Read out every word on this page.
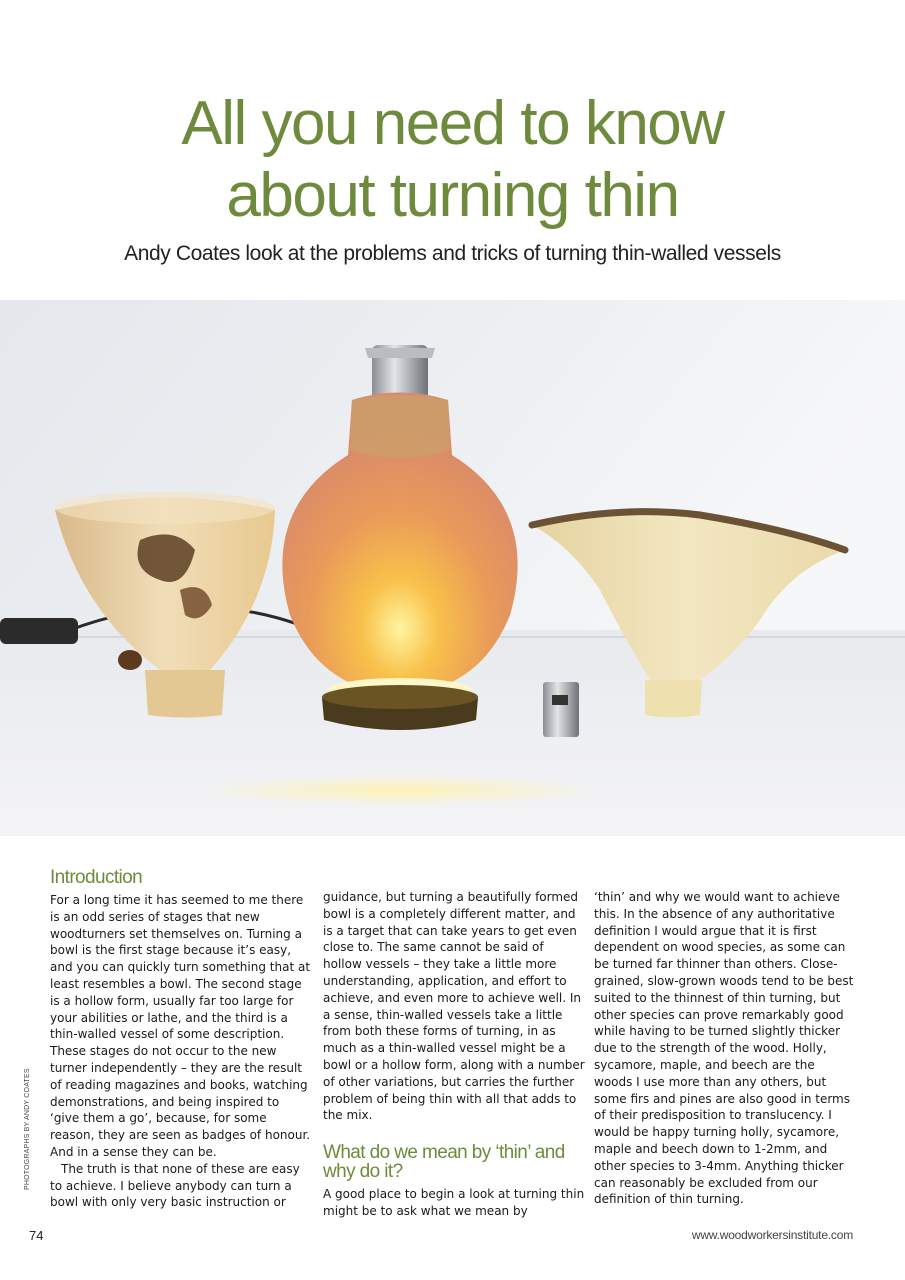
All you need to know
about turning thin

Andy Coates look at the problems and tricks of turning thin-walled vessels

PHOTOGRAPHS BY ANDY COATES
Introduction

For a long time it has seemed to me there is an odd series of stages that new woodturners set themselves on. Turning a bowl is the first stage because it’s easy, and you can quickly turn something that at least resembles a bowl. The second stage is a hollow form, usually far too large for your abilities or lathe, and the third is a thin-walled vessel of some description. These stages do not occur to the new turner independently – they are the result of reading magazines and books, watching demonstrations, and being inspired to ‘give them a go’, because, for some reason, they are seen as badges of honour. And in a sense they can be.

The truth is that none of these are easy to achieve. I believe anybody can turn a bowl with only very basic instruction or

guidance, but turning a beautifully formed bowl is a completely different matter, and is a target that can take years to get even close to. The same cannot be said of hollow vessels – they take a little more understanding, application, and effort to achieve, and even more to achieve well. In a sense, thin-walled vessels take a little from both these forms of turning, in as much as a thin-walled vessel might be a bowl or a hollow form, along with a number of other variations, but carries the further problem of being thin with all that adds to the mix.

What do we mean by ‘thin’ and why do it?

A good place to begin a look at turning thin might be to ask what we mean by

‘thin’ and why we would want to achieve this. In the absence of any authoritative definition I would argue that it is first dependent on wood species, as some can be turned far thinner than others. Close-grained, slow-grown woods tend to be best suited to the thinnest of thin turning, but other species can prove remarkably good while having to be turned slightly thicker due to the strength of the wood. Holly, sycamore, maple, and beech are the woods I use more than any others, but some firs and pines are also good in terms of their predisposition to translucency. I would be happy turning holly, sycamore, maple and beech down to 1-2mm, and other species to 3-4mm. Anything thicker can reasonably be excluded from our definition of thin turning.

74	www.woodworkersinstitute.com
